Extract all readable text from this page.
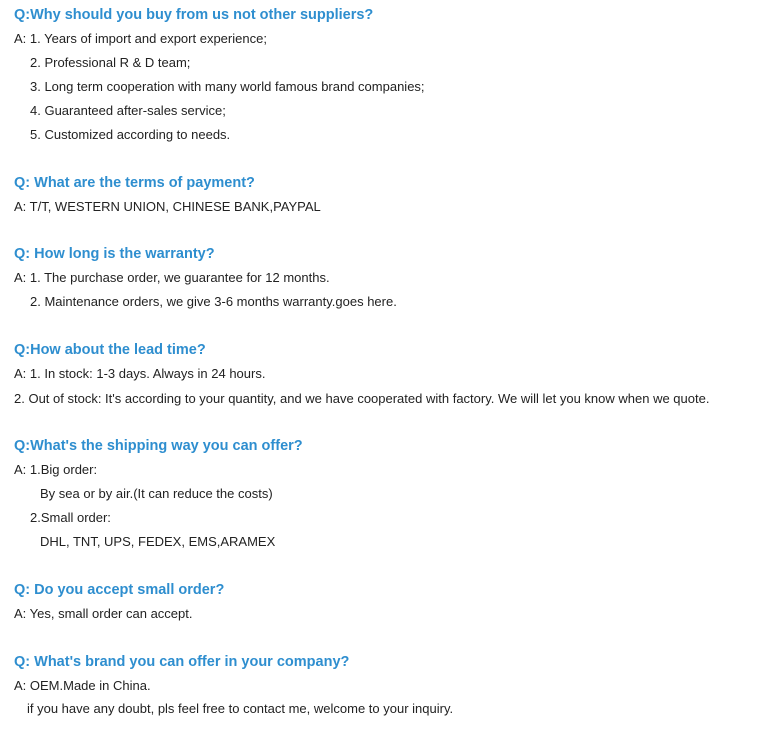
Q:Why should you buy from us not other suppliers?
A: 1. Years of import and export experience;
2. Professional R & D team;
3. Long term cooperation with many world famous brand companies;
4. Guaranteed after-sales service;
5. Customized according to needs.
Q: What are the terms of payment?
A: T/T, WESTERN UNION, CHINESE BANK,PAYPAL
Q: How long is the warranty?
A: 1. The purchase order, we guarantee for 12 months.
2. Maintenance orders, we give 3-6 months warranty.goes here.
Q:How about the lead time?
A: 1. In stock: 1-3 days. Always in 24 hours.
2. Out of stock: It's according to your quantity, and we have cooperated with factory. We will let you know when we quote.
Q:What's the shipping way you can offer?
A: 1.Big order:
By sea or by air.(It can reduce the costs)
2.Small order:
DHL, TNT, UPS, FEDEX, EMS,ARAMEX
Q: Do you accept small order?
A: Yes, small order can accept.
Q: What's brand you can offer in your company?
A: OEM.Made in China.
if you have any doubt, pls feel free to contact me, welcome to your inquiry.
